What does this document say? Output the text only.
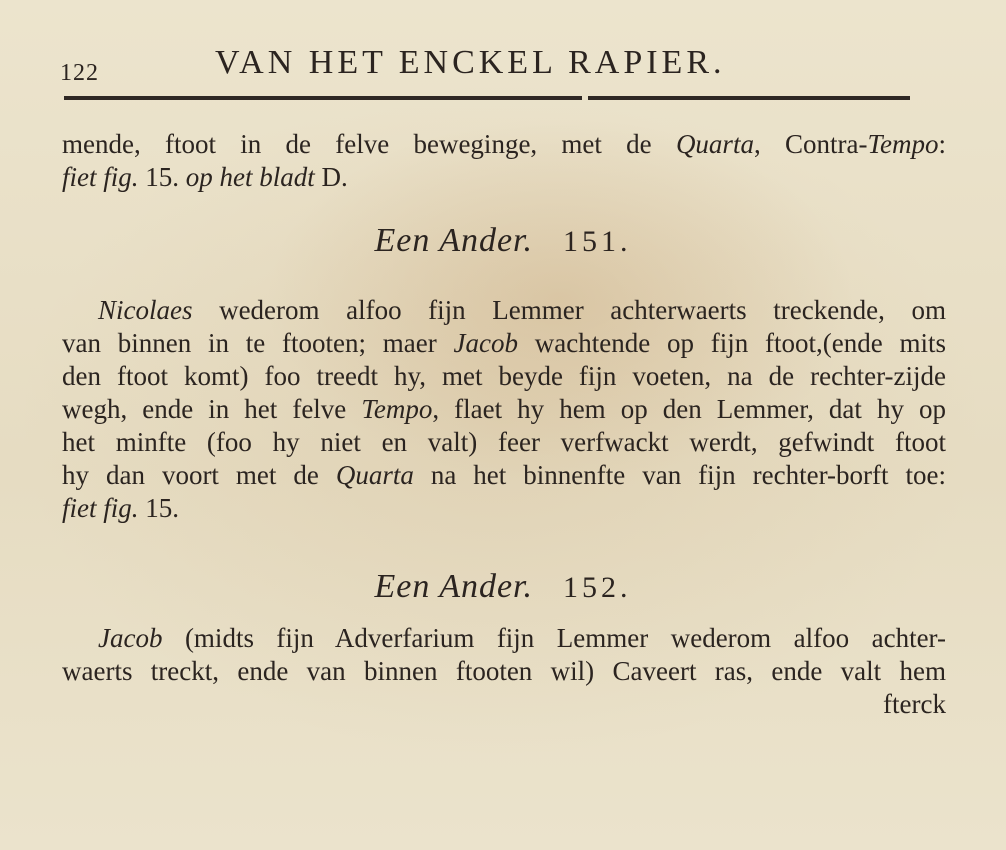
122	VAN HET ENCKEL RAPIER.
mende, ftoot in de felve beweginge, met de Quarta, Contra-Tempo:
fiet fig. 15. op het bladt D.
Een Ander. 151.
Nicolaes wederom alfoo fijn Lemmer achterwaerts treckende, om
van binnen in te ftooten; maer Jacob wachtende op fijn ftoot,(ende mits
den ftoot komt) foo treedt hy, met beyde fijn voeten, na de rechter-zijde
wegh, ende in het felve Tempo, flaet hy hem op den Lemmer, dat hy op
het minfte (foo hy niet en valt) feer verfwackt werdt, gefwindt ftoot
hy dan voort met de Quarta na het binnenfte van fijn rechter-borft toe:
fiet fig. 15.
Een Ander. 152.
Jacob (midts fijn Adverfarium fijn Lemmer wederom alfoo achter-
waerts treckt, ende van binnen ftooten wil) Caveert ras, ende valt hem
fterck
